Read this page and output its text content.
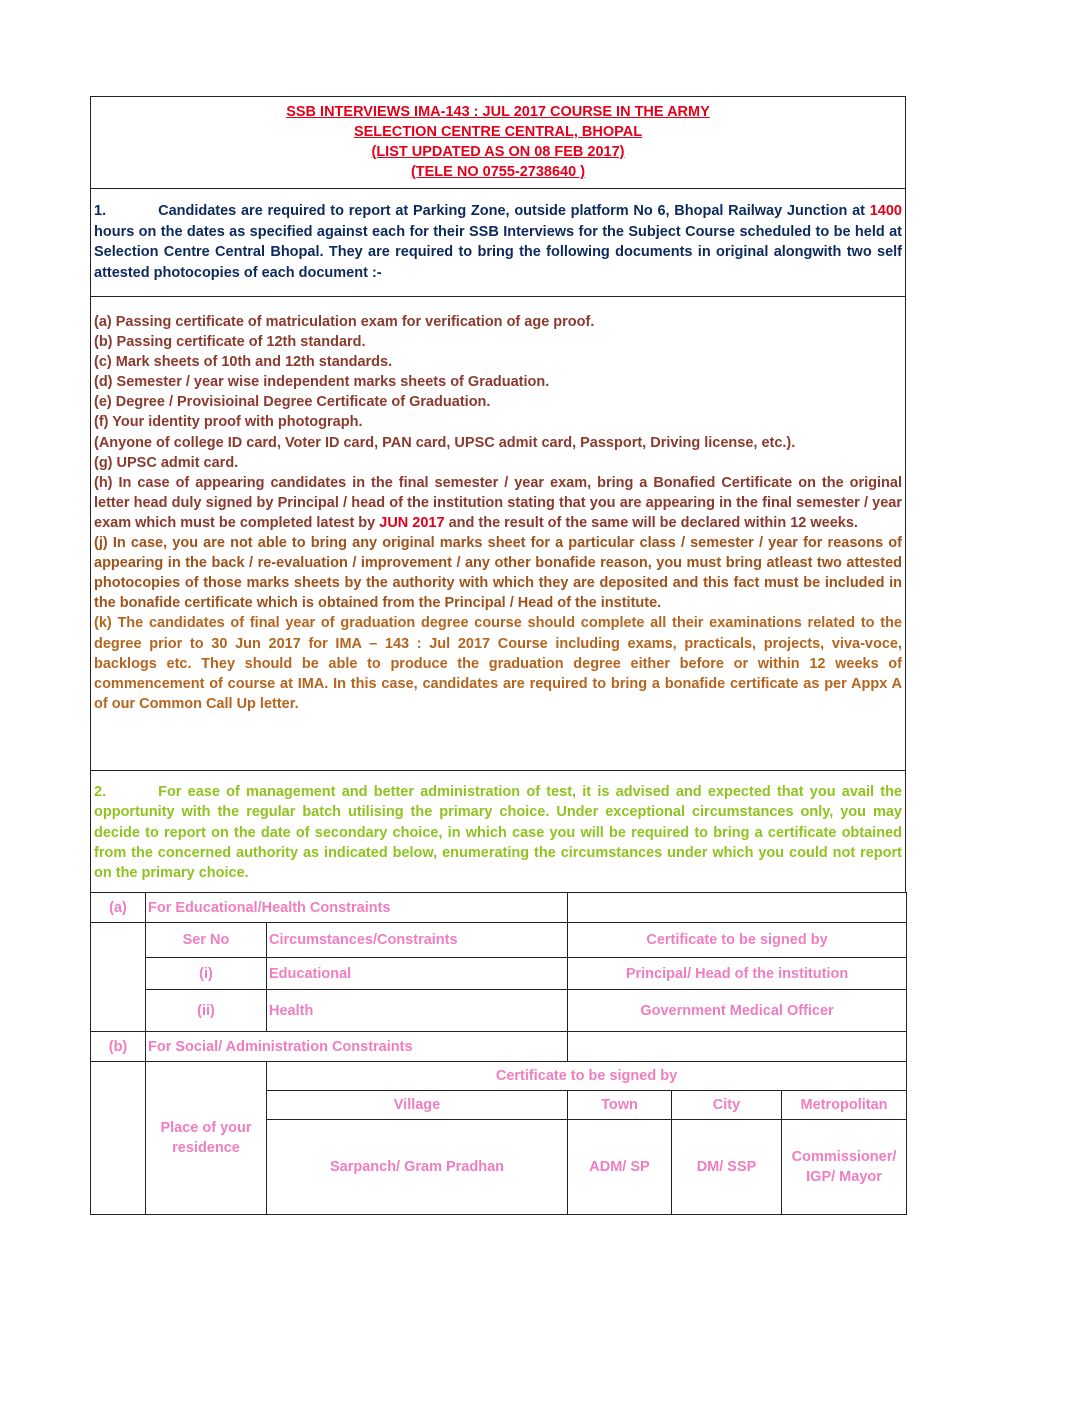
SSB INTERVIEWS IMA-143 : JUL 2017 COURSE IN THE ARMY
SELECTION CENTRE CENTRAL, BHOPAL
(LIST UPDATED AS ON 08 FEB 2017)
(TELE NO 0755-2738640 )
1.	Candidates are required to report at Parking Zone, outside platform No 6, Bhopal Railway Junction at 1400 hours on the dates as specified against each for their SSB Interviews for the Subject Course scheduled to be held at Selection Centre Central Bhopal. They are required to bring the following documents in original alongwith two self attested photocopies of each document :-
(a) Passing certificate of matriculation exam for verification of age proof.
(b) Passing certificate of 12th standard.
(c) Mark sheets of 10th and 12th standards.
(d) Semester / year wise independent marks sheets of Graduation.
(e) Degree / Provisioinal Degree Certificate of Graduation.
(f) Your identity proof with photograph.
(Anyone of college ID card, Voter ID card, PAN card, UPSC admit card, Passport, Driving license, etc.).
(g) UPSC admit card.
(h) In case of appearing candidates in the final semester / year exam, bring a Bonafied Certificate on the original letter head duly signed by Principal / head of the institution stating that you are appearing in the final semester / year exam which must be completed latest by JUN 2017 and the result of the same will be declared within 12 weeks.
(j) In case, you are not able to bring any original marks sheet for a particular class / semester / year for reasons of appearing in the back / re-evaluation / improvement / any other bonafide reason, you must bring atleast two attested photocopies of those marks sheets by the authority with which they are deposited and this fact must be included in the bonafide certificate which is obtained from the Principal / Head of the institute.
(k) The candidates of final year of graduation degree course should complete all their examinations related to the degree prior to 30 Jun 2017 for IMA – 143 : Jul 2017 Course including exams, practicals, projects, viva-voce, backlogs etc. They should be able to produce the graduation degree either before or within 12 weeks of commencement of course at IMA. In this case, candidates are required to bring a bonafide certificate as per Appx A of our Common Call Up letter.
2.	For ease of management and better administration of test, it is advised and expected that you avail the opportunity with the regular batch utilising the primary choice. Under exceptional circumstances only, you may decide to report on the date of secondary choice, in which case you will be required to bring a certificate obtained from the concerned authority as indicated below, enumerating the circumstances under which you could not report on the primary choice.
(a)	For Educational/Health Constraints				
	Ser No	Circumstances/Constraints	Certificate to be signed by		
	(i)	Educational	Principal/ Head of the institution		
	(ii)	Health	Government Medical Officer		
(b)	For Social/ Administration Constraints				
	Place of your residence	Certificate to be signed by			
		Village	Town	City	Metropolitan
		Sarpanch/ Gram Pradhan	ADM/ SP	DM/ SSP	Commissioner/ IGP/ Mayor
